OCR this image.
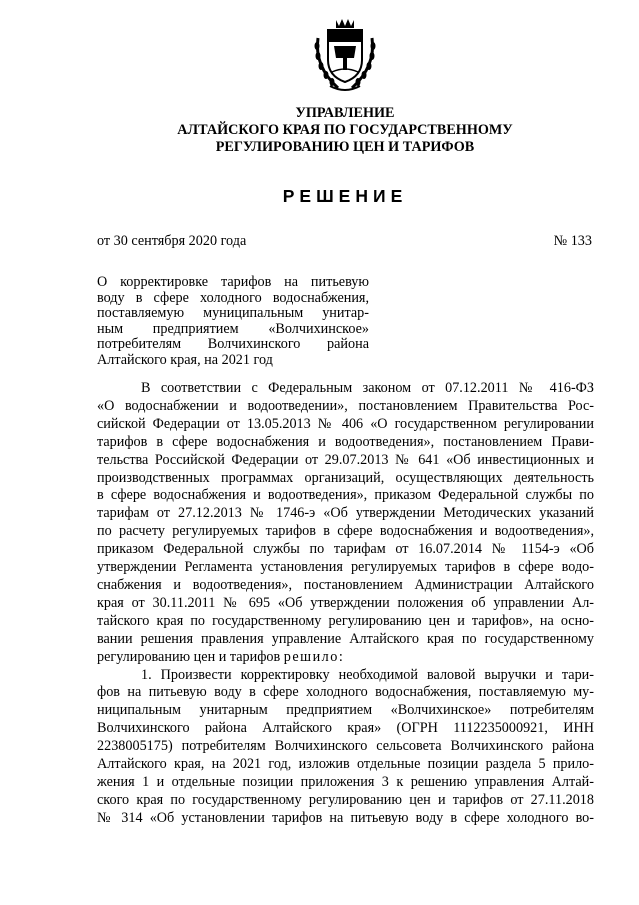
УПРАВЛЕНИЕ
АЛТАЙСКОГО КРАЯ ПО ГОСУДАРСТВЕННОМУ
РЕГУЛИРОВАНИЮ ЦЕН И ТАРИФОВ
РЕШЕНИЕ
от 30 сентября 2020 года	№ 133
О корректировке тарифов на питьевую
воду в сфере холодного водоснабжения,
поставляемую муниципальным унитар-
ным предприятием «Волчихинское»
потребителям Волчихинского района
Алтайского края, на 2021 год
В соответствии с Федеральным законом от 07.12.2011 № 416-ФЗ
«О водоснабжении и водоотведении», постановлением Правительства Рос-
сийской Федерации от 13.05.2013 № 406 «О государственном регулировании
тарифов в сфере водоснабжения и водоотведения», постановлением Прави-
тельства Российской Федерации от 29.07.2013 № 641 «Об инвестиционных и
производственных программах организаций, осуществляющих деятельность
в сфере водоснабжения и водоотведения», приказом Федеральной службы по
тарифам от 27.12.2013 № 1746-э «Об утверждении Методических указаний
по расчету регулируемых тарифов в сфере водоснабжения и водоотведения»,
приказом Федеральной службы по тарифам от 16.07.2014 № 1154-э «Об
утверждении Регламента установления регулируемых тарифов в сфере водо-
снабжения и водоотведения», постановлением Администрации Алтайского
края от 30.11.2011 № 695 «Об утверждении положения об управлении Ал-
тайского края по государственному регулированию цен и тарифов», на осно-
вании решения правления управление Алтайского края по государственному
регулированию цен и тарифов решило:
1. Произвести корректировку необходимой валовой выручки и тари-
фов на питьевую воду в сфере холодного водоснабжения, поставляемую му-
ниципальным унитарным предприятием «Волчихинское» потребителям
Волчихинского района Алтайского края» (ОГРН 1112235000921, ИНН
2238005175) потребителям Волчихинского сельсовета Волчихинского района
Алтайского края, на 2021 год, изложив отдельные позиции раздела 5 прило-
жения 1 и отдельные позиции приложения 3 к решению управления Алтай-
ского края по государственному регулированию цен и тарифов от 27.11.2018
№ 314 «Об установлении тарифов на питьевую воду в сфере холодного во-
